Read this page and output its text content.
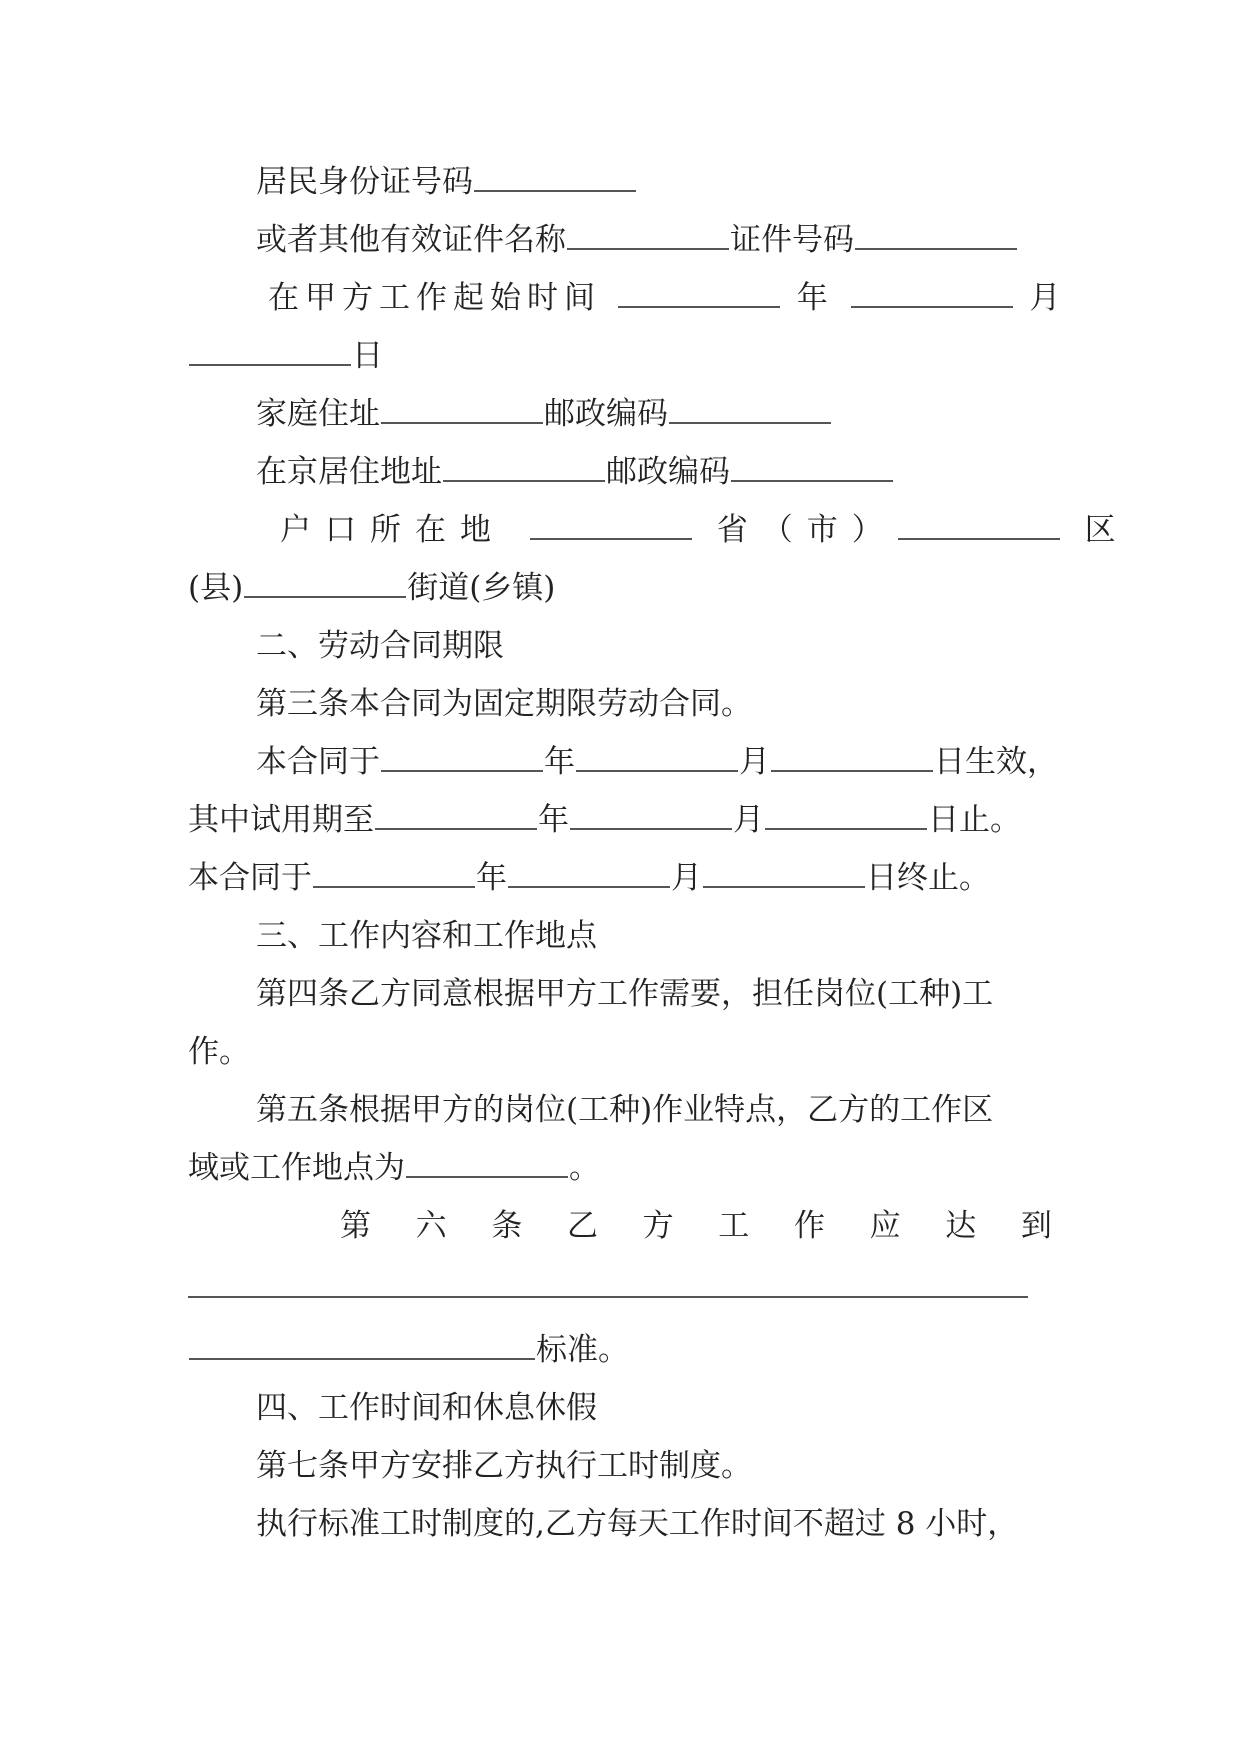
居民身份证号码
或者其他有效证件名称	证件号码
在甲方工作起始时间	年	月
日
家庭住址	邮政编码
在京居住地址	邮政编码
户口所在地	省（市）	区
(县)	街道(乡镇)
二、劳动合同期限
第三条本合同为固定期限劳动合同。
本合同于	年	月	日生效，
其中试用期至	年	月	日止。
本合同于	年	月	日终止。
三、工作内容和工作地点
第四条乙方同意根据甲方工作需要，担任岗位(工种)工
作。
第五条根据甲方的岗位(工种)作业特点，乙方的工作区
域或工作地点为	。
第 六 条 乙 方 工 作 应 达 到
标准。
四、工作时间和休息休假
第七条甲方安排乙方执行工时制度。
执行标准工时制度的,乙方每天工作时间不超过 8 小时，
